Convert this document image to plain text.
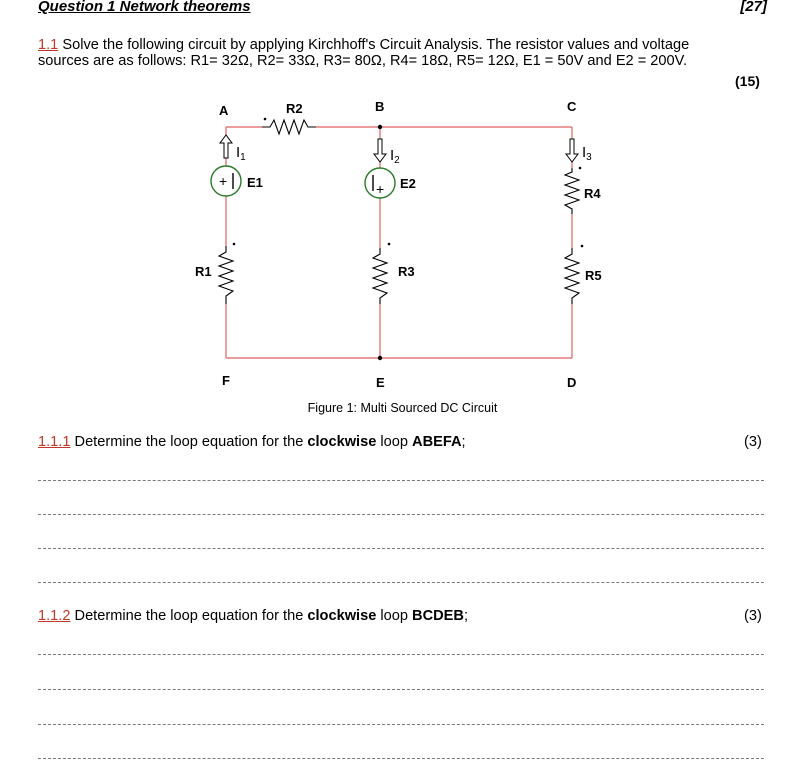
Question 1 Network theorems	[27]
1.1 Solve the following circuit by applying Kirchhoff's Circuit Analysis. The resistor values and voltage sources are as follows: R1= 32Ω, R2= 33Ω, R3= 80Ω, R4= 18Ω, R5= 12Ω, E1 = 50V and E2 = 200V.
(15)
+	+
A	B	C
D
E
F
R2
R1	R3
R4
R5
E1	E2
$I_1$	$I_2$	$I_3$
Figure 1: Multi Sourced DC Circuit
1.1.1 Determine the loop equation for the clockwise loop ABEFA;	(3)
1.1.2 Determine the loop equation for the clockwise loop BCDEB;	(3)
